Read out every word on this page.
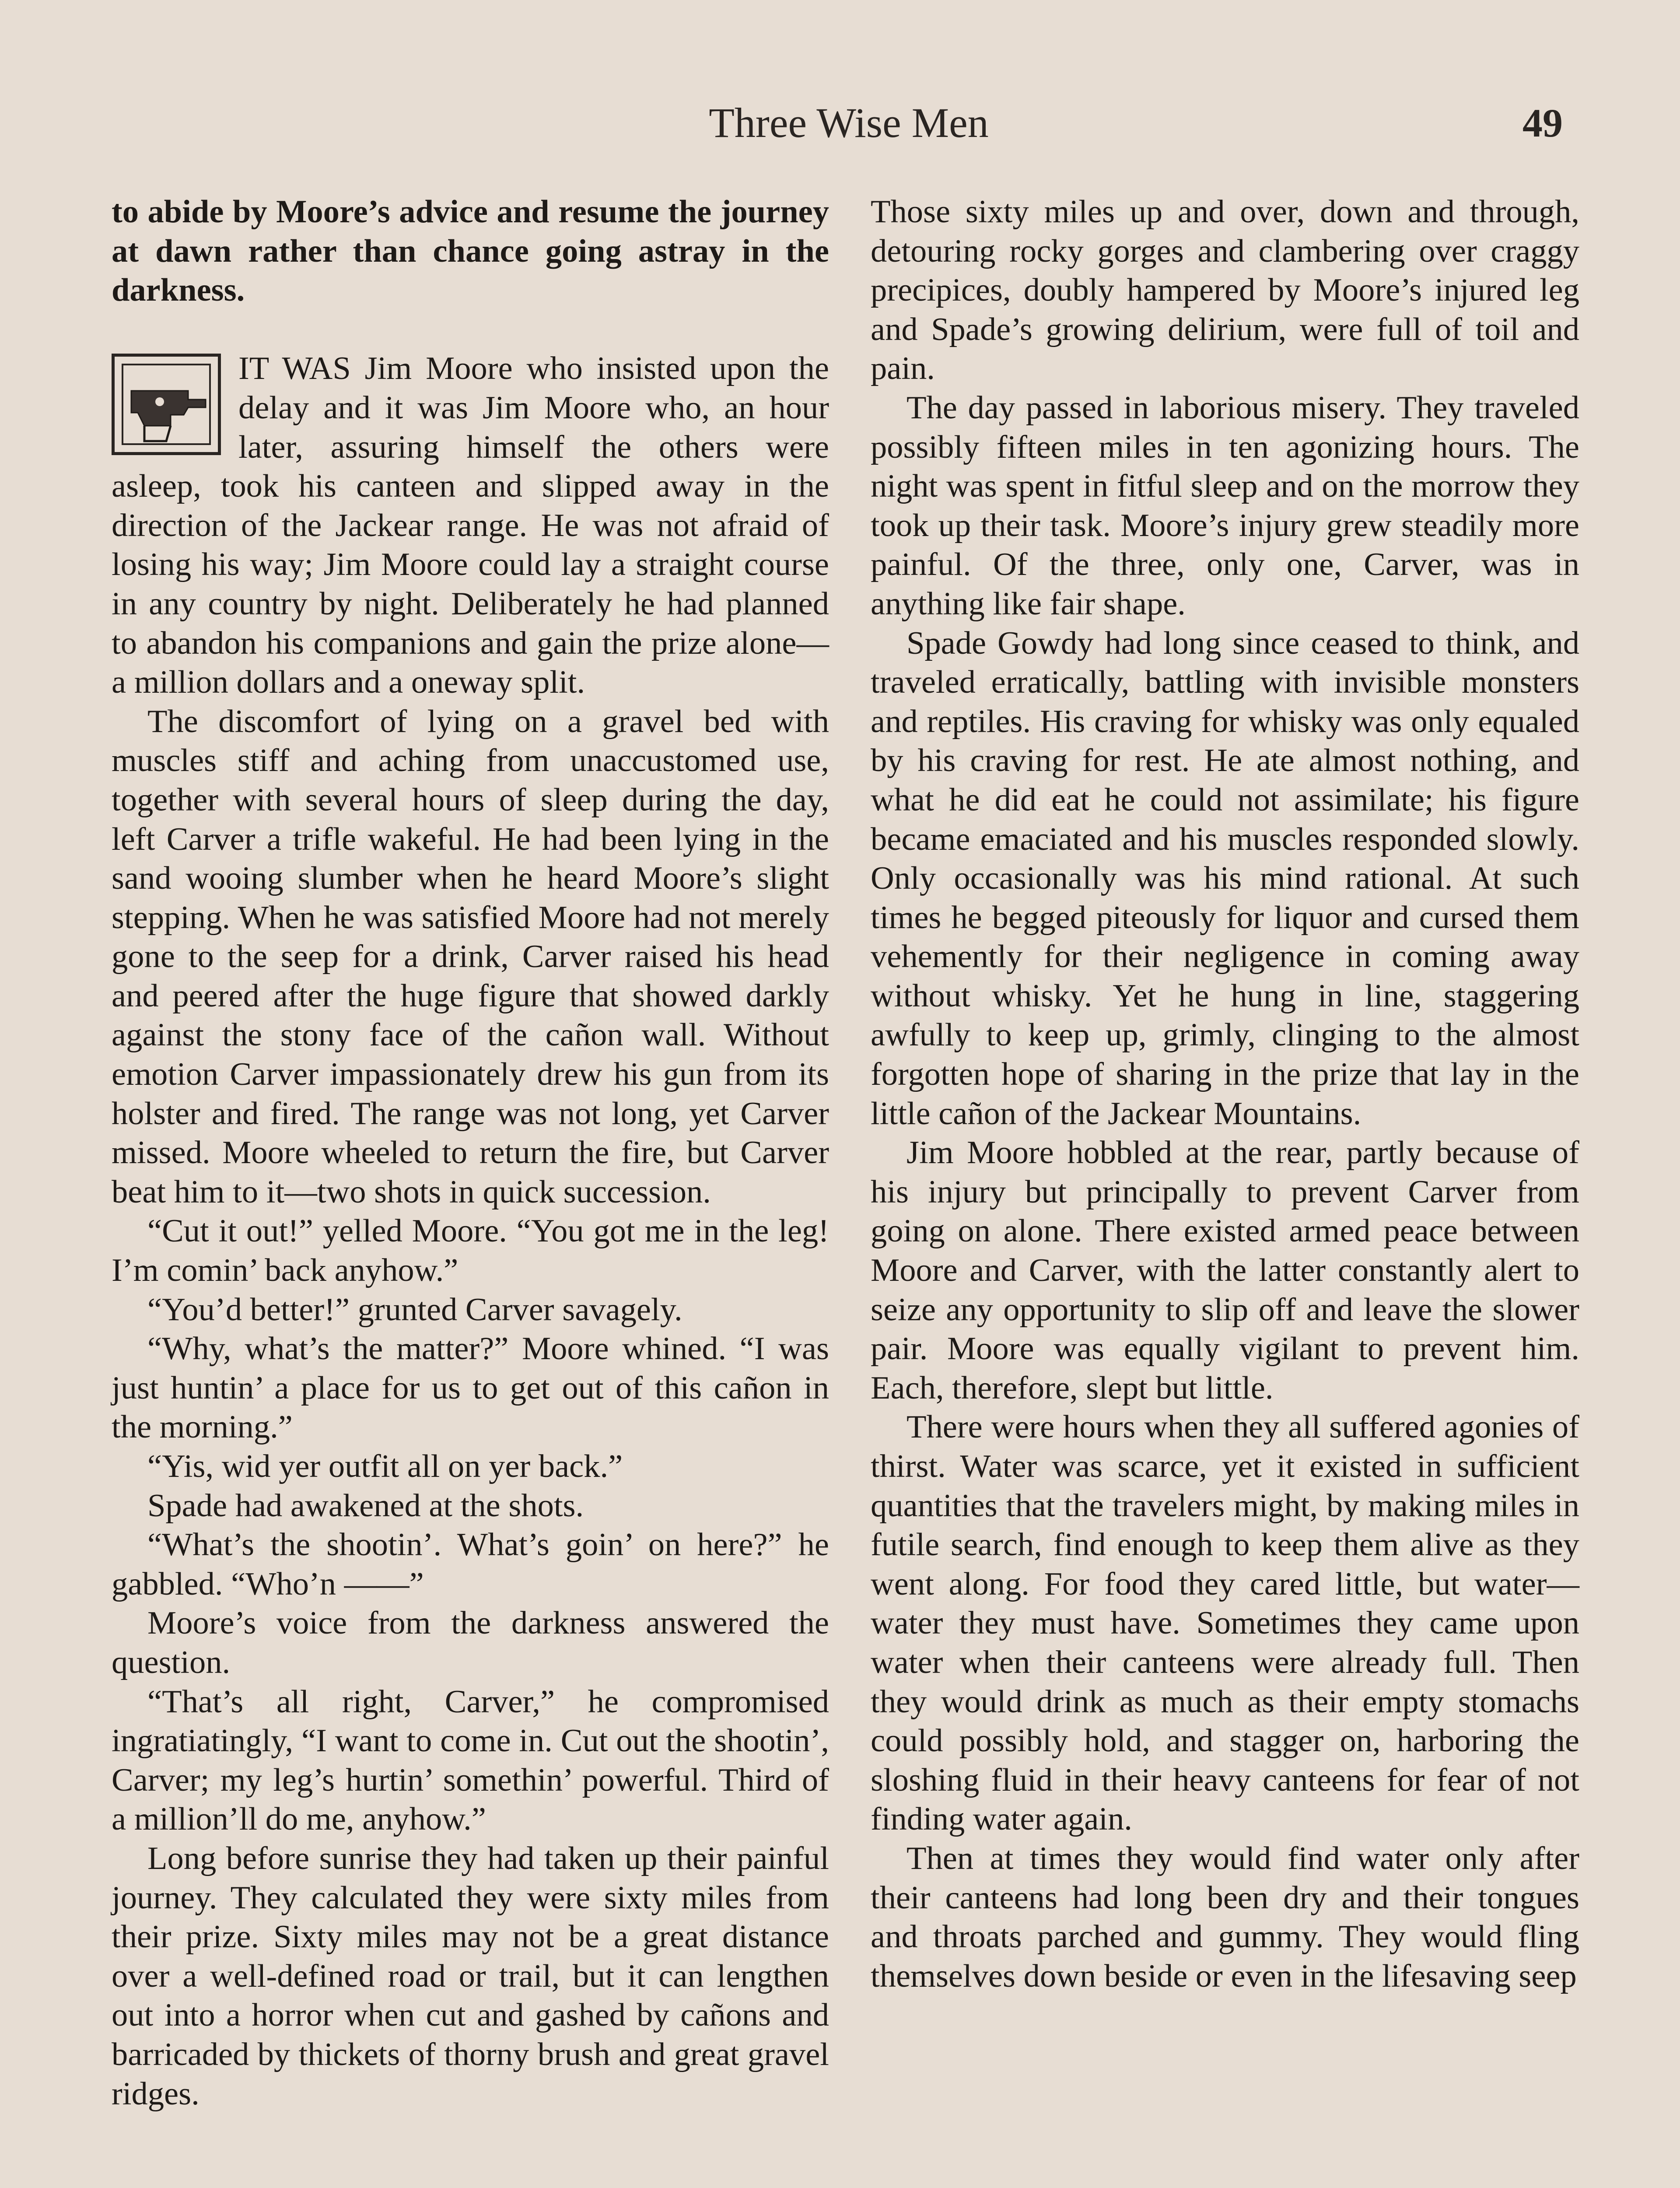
Three Wise Men	49

to abide by Moore’s advice and resume the journey at dawn rather than chance going astray in the darkness.

IT WAS Jim Moore who insisted upon the delay and it was Jim Moore who, an hour later, assuring himself the others were asleep, took his canteen and slipped away in the direction of the Jackear range. He was not afraid of losing his way; Jim Moore could lay a straight course in any country by night. Deliberately he had planned to abandon his companions and gain the prize alone—a million dollars and a oneway split.

The discomfort of lying on a gravel bed with muscles stiff and aching from unaccustomed use, together with several hours of sleep during the day, left Carver a trifle wakeful. He had been lying in the sand wooing slumber when he heard Moore’s slight stepping. When he was satisfied Moore had not merely gone to the seep for a drink, Carver raised his head and peered after the huge figure that showed darkly against the stony face of the cañon wall. Without emotion Carver impassionately drew his gun from its holster and fired. The range was not long, yet Carver missed. Moore wheeled to return the fire, but Carver beat him to it—two shots in quick succession.

“Cut it out!” yelled Moore. “You got me in the leg! I’m comin’ back anyhow.”

“You’d better!” grunted Carver savagely.

“Why, what’s the matter?” Moore whined. “I was just huntin’ a place for us to get out of this cañon in the morning.”

“Yis, wid yer outfit all on yer back.”

Spade had awakened at the shots.

“What’s the shootin’. What’s goin’ on here?” he gabbled. “Who’n ——”

Moore’s voice from the darkness answered the question.

“That’s all right, Carver,” he compromised ingratiatingly, “I want to come in. Cut out the shootin’, Carver; my leg’s hurtin’ somethin’ powerful. Third of a million’ll do me, anyhow.”

Long before sunrise they had taken up their painful journey. They calculated they were sixty miles from their prize. Sixty miles may not be a great distance over a well-defined road or trail, but it can lengthen out into a horror when cut and gashed by cañons and barricaded by thickets of thorny brush and great gravel ridges.

Those sixty miles up and over, down and through, detouring rocky gorges and clambering over craggy precipices, doubly hampered by Moore’s injured leg and Spade’s growing delirium, were full of toil and pain.

The day passed in laborious misery. They traveled possibly fifteen miles in ten agonizing hours. The night was spent in fitful sleep and on the morrow they took up their task. Moore’s injury grew steadily more painful. Of the three, only one, Carver, was in anything like fair shape.

Spade Gowdy had long since ceased to think, and traveled erratically, battling with invisible monsters and reptiles. His craving for whisky was only equaled by his craving for rest. He ate almost nothing, and what he did eat he could not assimilate; his figure became emaciated and his muscles responded slowly. Only occasionally was his mind rational. At such times he begged piteously for liquor and cursed them vehemently for their negligence in coming away without whisky. Yet he hung in line, staggering awfully to keep up, grimly, clinging to the almost forgotten hope of sharing in the prize that lay in the little cañon of the Jackear Mountains.

Jim Moore hobbled at the rear, partly because of his injury but principally to prevent Carver from going on alone. There existed armed peace between Moore and Carver, with the latter constantly alert to seize any opportunity to slip off and leave the slower pair. Moore was equally vigilant to prevent him. Each, therefore, slept but little.

There were hours when they all suffered agonies of thirst. Water was scarce, yet it existed in sufficient quantities that the travelers might, by making miles in futile search, find enough to keep them alive as they went along. For food they cared little, but water—water they must have. Sometimes they came upon water when their canteens were already full. Then they would drink as much as their empty stomachs could possibly hold, and stagger on, harboring the sloshing fluid in their heavy canteens for fear of not finding water again.

Then at times they would find water only after their canteens had long been dry and their tongues and throats parched and gummy. They would fling themselves down beside or even in the lifesaving seep
